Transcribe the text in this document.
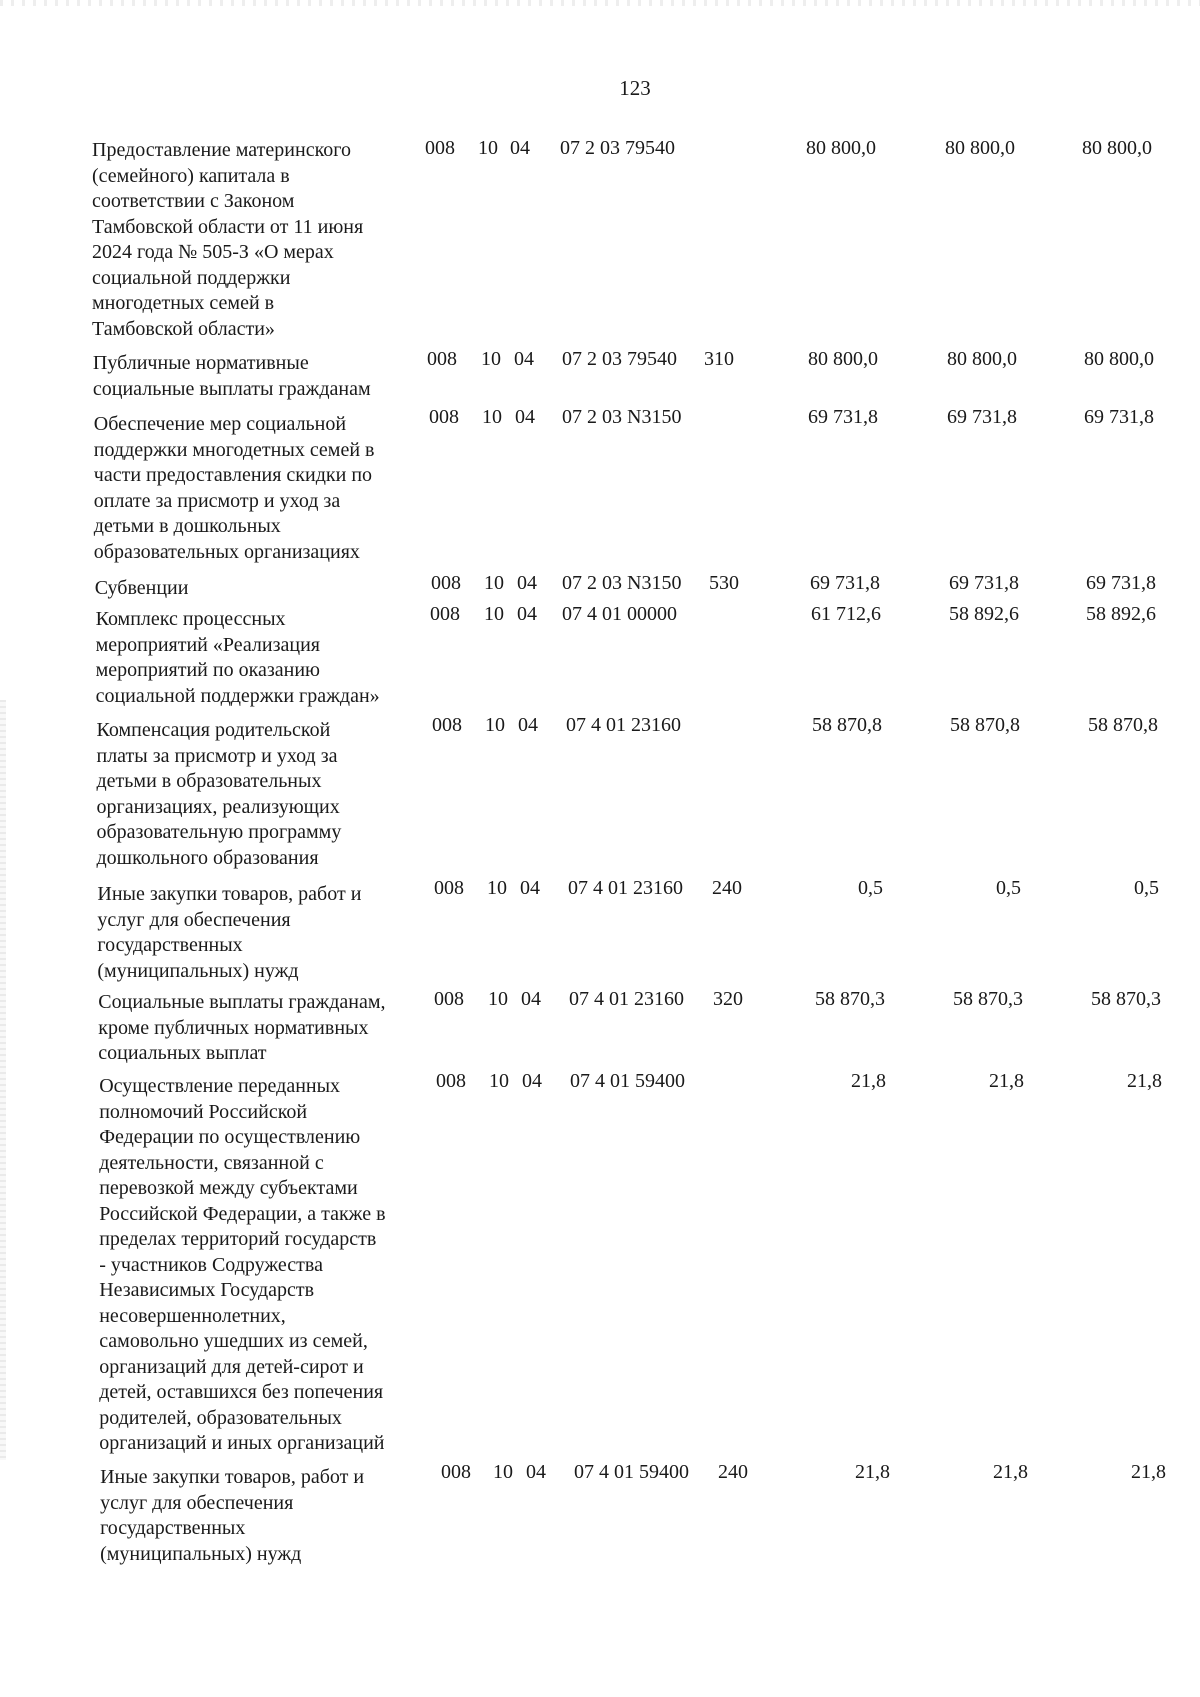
123
Предоставление материнского
(семейного) капитала в
соответствии с Законом
Тамбовской области от 11 июня
2024 года № 505-З «О мерах
социальной поддержки
многодетных семей в
Тамбовской области»
008 10 04 07 2 03 79540	80 800,0	80 800,0	80 800,0
Публичные нормативные
социальные выплаты гражданам
008 10 04 07 2 03 79540 310	80 800,0	80 800,0	80 800,0
Обеспечение мер социальной
поддержки многодетных семей в
части предоставления скидки по
оплате за присмотр и уход за
детьми в дошкольных
образовательных организациях
008 10 04 07 2 03 N3150	69 731,8	69 731,8	69 731,8
Субвенции	008 10 04 07 2 03 N3150 530	69 731,8	69 731,8	69 731,8
Комплекс процессных
мероприятий «Реализация
мероприятий по оказанию
социальной поддержки граждан»
008 10 04 07 4 01 00000	61 712,6	58 892,6	58 892,6
Компенсация родительской
платы за присмотр и уход за
детьми в образовательных
организациях, реализующих
образовательную программу
дошкольного образования
008 10 04 07 4 01 23160	58 870,8	58 870,8	58 870,8
Иные закупки товаров, работ и
услуг для обеспечения
государственных
(муниципальных) нужд
008 10 04 07 4 01 23160 240	0,5	0,5	0,5
Социальные выплаты гражданам,
кроме публичных нормативных
социальных выплат
008 10 04 07 4 01 23160 320	58 870,3	58 870,3	58 870,3
Осуществление переданных
полномочий Российской
Федерации по осуществлению
деятельности, связанной с
перевозкой между субъектами
Российской Федерации, а также в
пределах территорий государств
- участников Содружества
Независимых Государств
несовершеннолетних,
самовольно ушедших из семей,
организаций для детей-сирот и
детей, оставшихся без попечения
родителей, образовательных
организаций и иных организаций
008 10 04 07 4 01 59400	21,8	21,8	21,8
Иные закупки товаров, работ и
услуг для обеспечения
государственных
(муниципальных) нужд
008 10 04 07 4 01 59400 240	21,8	21,8	21,8
